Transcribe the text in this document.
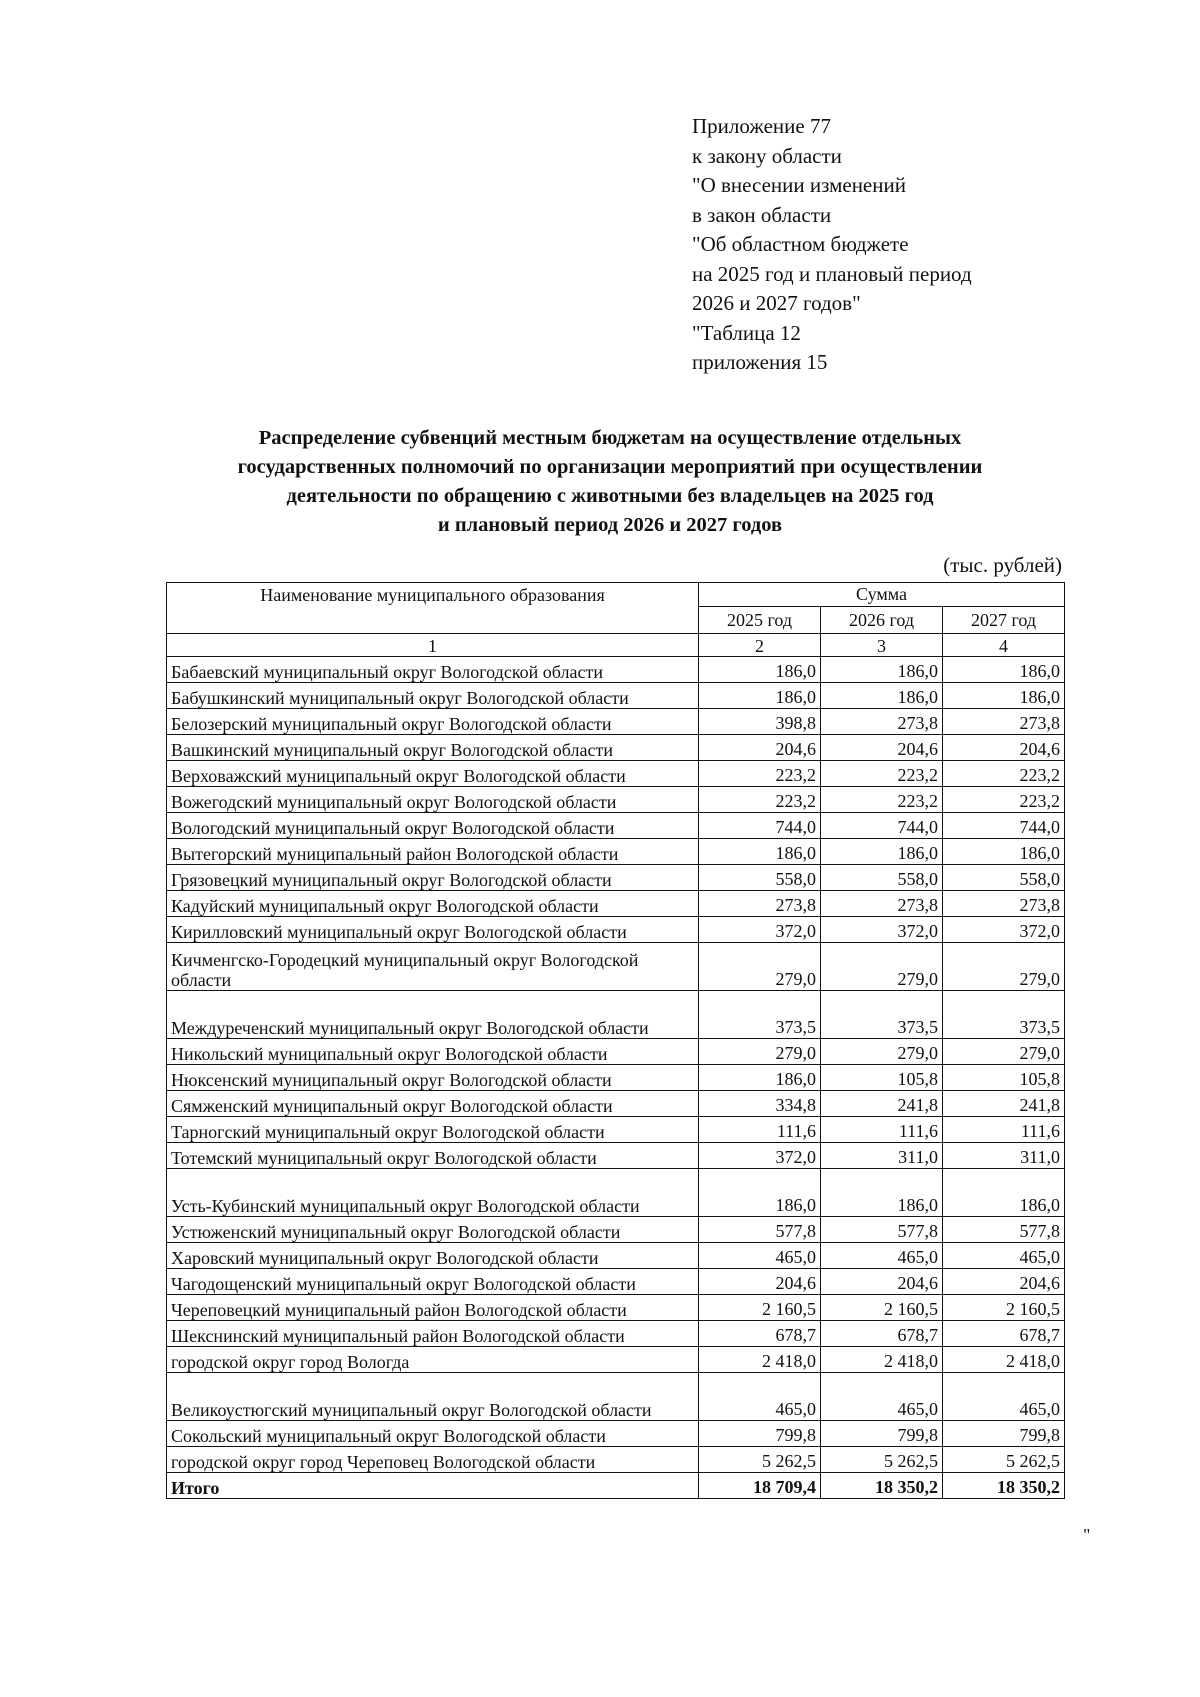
Приложение 77
к закону области
"О внесении изменений
в закон области
"Об областном бюджете
на 2025 год и плановый период
2026 и 2027 годов"
"Таблица 12
приложения 15
Распределение субвенций местным бюджетам на осуществление отдельных
государственных полномочий по организации мероприятий при осуществлении
деятельности по обращению с животными без владельцев на 2025 год
и плановый период 2026 и 2027 годов
(тыс. рублей)
Наименование муниципального образования	Сумма		
	2025 год	2026 год	2027 год
1	2	3	4
Бабаевский муниципальный округ Вологодской области	186,0	186,0	186,0
Бабушкинский муниципальный округ Вологодской области	186,0	186,0	186,0
Белозерский муниципальный округ Вологодской области	398,8	273,8	273,8
Вашкинский муниципальный округ Вологодской области	204,6	204,6	204,6
Верховажский муниципальный округ Вологодской области	223,2	223,2	223,2
Вожегодский муниципальный округ Вологодской области	223,2	223,2	223,2
Вологодский муниципальный округ Вологодской области	744,0	744,0	744,0
Вытегорский муниципальный район Вологодской области	186,0	186,0	186,0
Грязовецкий муниципальный округ Вологодской области	558,0	558,0	558,0
Кадуйский муниципальный округ Вологодской области	273,8	273,8	273,8
Кирилловский муниципальный округ Вологодской области	372,0	372,0	372,0
Кичменгско-Городецкий муниципальный округ Вологодской области	279,0	279,0	279,0
Междуреченский муниципальный округ Вологодской области	373,5	373,5	373,5
Никольский муниципальный округ Вологодской области	279,0	279,0	279,0
Нюксенский муниципальный округ Вологодской области	186,0	105,8	105,8
Сямженский муниципальный округ Вологодской области	334,8	241,8	241,8
Тарногский муниципальный округ Вологодской области	111,6	111,6	111,6
Тотемский муниципальный округ Вологодской области	372,0	311,0	311,0
Усть-Кубинский муниципальный округ Вологодской области	186,0	186,0	186,0
Устюженский муниципальный округ Вологодской области	577,8	577,8	577,8
Харовский муниципальный округ Вологодской области	465,0	465,0	465,0
Чагодощенский муниципальный округ Вологодской области	204,6	204,6	204,6
Череповецкий муниципальный район Вологодской области	2 160,5	2 160,5	2 160,5
Шекснинский муниципальный район Вологодской области	678,7	678,7	678,7
городской округ город Вологда	2 418,0	2 418,0	2 418,0
Великоустюгский муниципальный округ Вологодской области	465,0	465,0	465,0
Сокольский муниципальный округ Вологодской области	799,8	799,8	799,8
городской округ город Череповец Вологодской области	5 262,5	5 262,5	5 262,5
Итого	18 709,4	18 350,2	18 350,2
"
